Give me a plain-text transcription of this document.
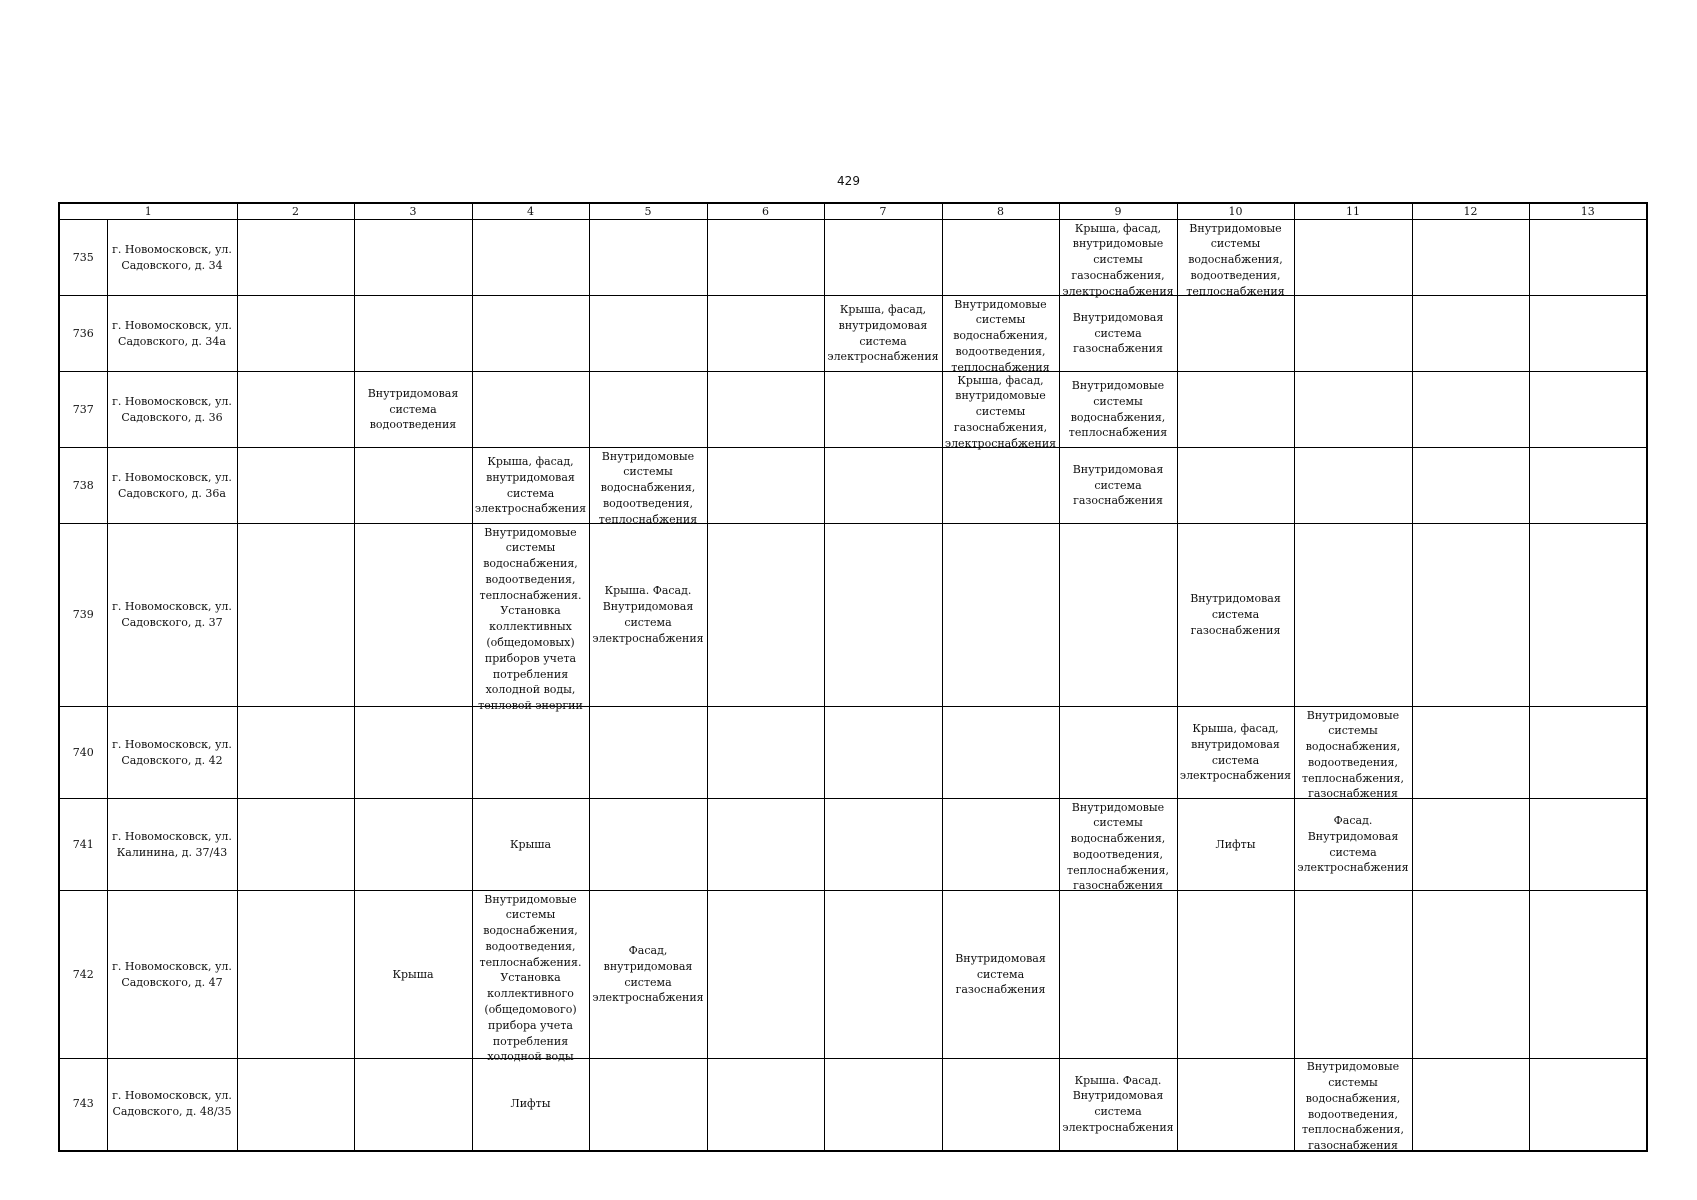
429
1		2	3	4	5	6	7	8	9	10	11	12	13

735	г. Новомосковск, ул. Садовского, д. 34								Крыша, фасад, внутридомовые системы газоснабжения, электроснабжения	Внутридомовые системы водоснабжения, водоотведения, теплоснабжения			

736	г. Новомосковск, ул. Садовского, д. 34а						Крыша, фасад, внутридомовая система электроснабжения	Внутридомовые системы водоснабжения, водоотведения, теплоснабжения	Внутридомовая система газоснабжения				

737	г. Новомосковск, ул. Садовского, д. 36		Внутридомовая система водоотведения					Крыша, фасад, внутридомовые системы газоснабжения, электроснабжения	Внутридомовые системы водоснабжения, теплоснабжения				

738	г. Новомосковск, ул. Садовского, д. 36а			Крыша, фасад, внутридомовая система электроснабжения	Внутридомовые системы водоснабжения, водоотведения, теплоснабжения				Внутридомовая система газоснабжения				

739	г. Новомосковск, ул. Садовского, д. 37			Внутридомовые системы водоснабжения, водоотведения, теплоснабжения. Установка коллективных (общедомовых) приборов учета потребления холодной воды, тепловой энергии	Крыша. Фасад. Внутридомовая система электроснабжения					Внутридомовая система газоснабжения			

740	г. Новомосковск, ул. Садовского, д. 42									Крыша, фасад, внутридомовая система электроснабжения	Внутридомовые системы водоснабжения, водоотведения, теплоснабжения, газоснабжения		

741	г. Новомосковск, ул. Калинина, д. 37/43			Крыша					Внутридомовые системы водоснабжения, водоотведения, теплоснабжения, газоснабжения	Лифты	Фасад. Внутридомовая система электроснабжения		

742	г. Новомосковск, ул. Садовского, д. 47		Крыша	Внутридомовые системы водоснабжения, водоотведения, теплоснабжения. Установка коллективного (общедомового) прибора учета потребления холодной воды	Фасад, внутридомовая система электроснабжения			Внутридомовая система газоснабжения					

743	г. Новомосковск, ул. Садовского, д. 48/35			Лифты					Крыша. Фасад. Внутридомовая система электроснабжения		Внутридомовые системы водоснабжения, водоотведения, теплоснабжения, газоснабжения		
